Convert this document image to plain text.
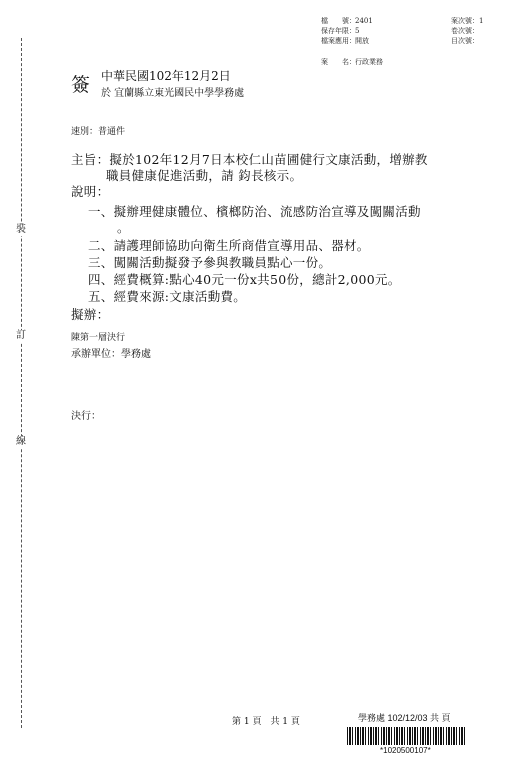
裝
訂
線
檔　　號：2401
保存年限：5
檔案應用：開放
案　　名：行政業務
案次號：1
卷次號：
目次號：
簽 中華民國102年12月2日
於 宜蘭縣立東光國民中學學務處
速別：普通件
主旨：擬於102年12月7日本校仁山苗圃健行文康活動，增辦教
職員健康促進活動，請 鈞長核示。
說明：
一、擬辦理健康體位、檳榔防治、流感防治宣導及闖關活動
。
二、請護理師協助向衛生所商借宣導用品、器材。
三、闖關活動擬發予參與教職員點心一份。
四、經費概算:點心40元一份x共50份，總計2,000元。
五、經費來源:文康活動費。
擬辦：
陳第一層決行
承辦單位：學務處
決行：
第 1 頁　共 1 頁	學務處 102/12/03 共 頁
*1020500107*
